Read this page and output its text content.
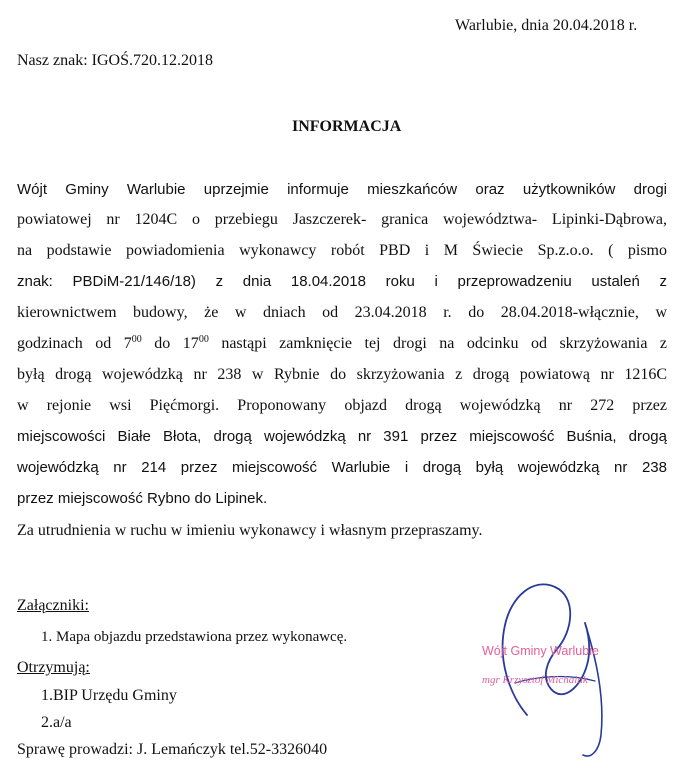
Warlubie, dnia 20.04.2018 r.
Nasz znak: IGOŚ.720.12.2018
INFORMACJA
Wójt Gminy Warlubie uprzejmie informuje mieszkańców oraz użytkowników drogi
powiatowej nr 1204C o przebiegu Jaszczerek- granica województwa- Lipinki-Dąbrowa,
na podstawie powiadomienia wykonawcy robót PBD i M Świecie Sp.z.o.o. ( pismo
znak: PBDiM-21/146/18) z dnia 18.04.2018 roku i przeprowadzeniu ustaleń z
kierownictwem budowy, że w dniach od 23.04.2018 r. do 28.04.2018-włącznie, w
godzinach od $7^{00}$ do $17^{00}$ nastąpi zamknięcie tej drogi na odcinku od skrzyżowania z
byłą drogą wojewódzką nr 238 w Rybnie do skrzyżowania z drogą powiatową nr 1216C
w rejonie wsi Pięćmorgi. Proponowany objazd drogą wojewódzką nr 272 przez
miejscowości Białe Błota, drogą wojewódzką nr 391 przez miejscowość Buśnia, drogą
wojewódzką nr 214 przez miejscowość Warlubie i drogą byłą wojewódzką nr 238
przez miejscowość Rybno do Lipinek.
Za utrudnienia w ruchu w imieniu wykonawcy i własnym przepraszamy.
Załączniki:
1. Mapa objazdu przedstawiona przez wykonawcę.
Otrzymują:
1.BIP Urzędu Gminy
2.a/a
Sprawę prowadzi: J. Lemańczyk tel.52-3326040
Wójt Gminy Warlubie
mgr Krzysztof Michalak
